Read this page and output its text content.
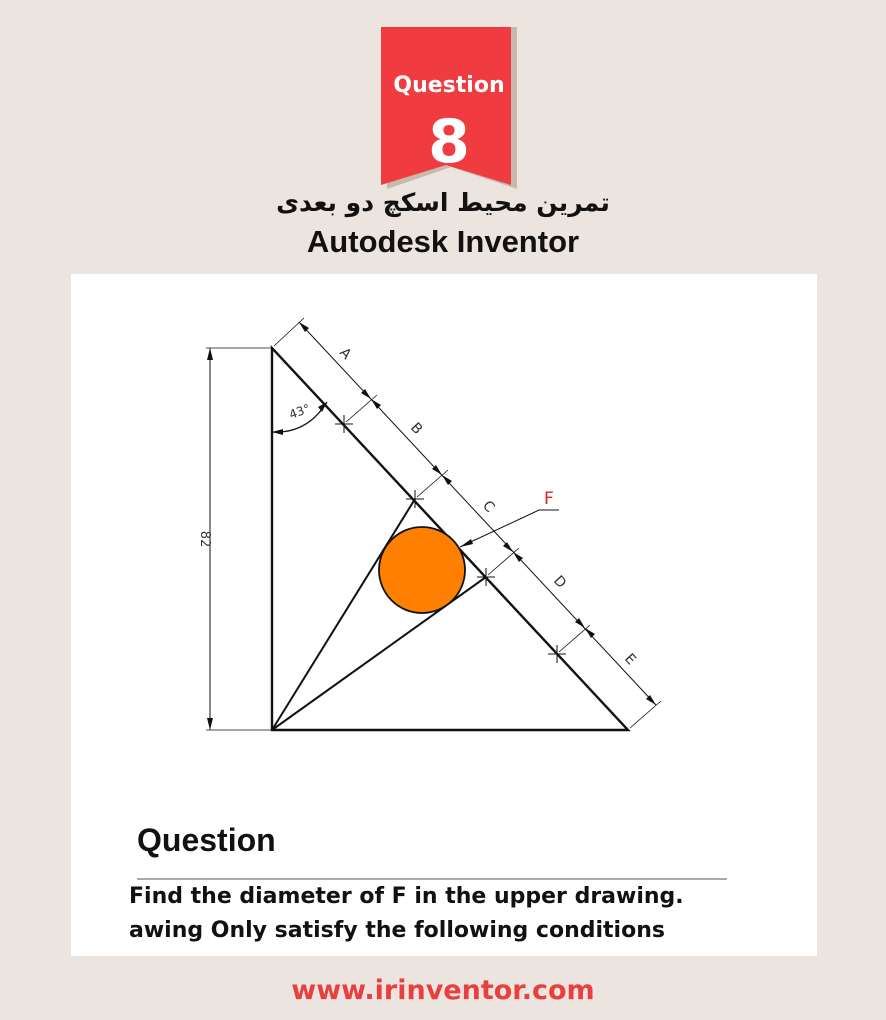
Question
8
تمرین محیط اسکچ دو بعدی
Autodesk Inventor
82
43°
A
B
C
D
E
F
Question
Find the diameter of F in the upper drawing.
awing Only satisfy the following conditions
www.irinventor.com
